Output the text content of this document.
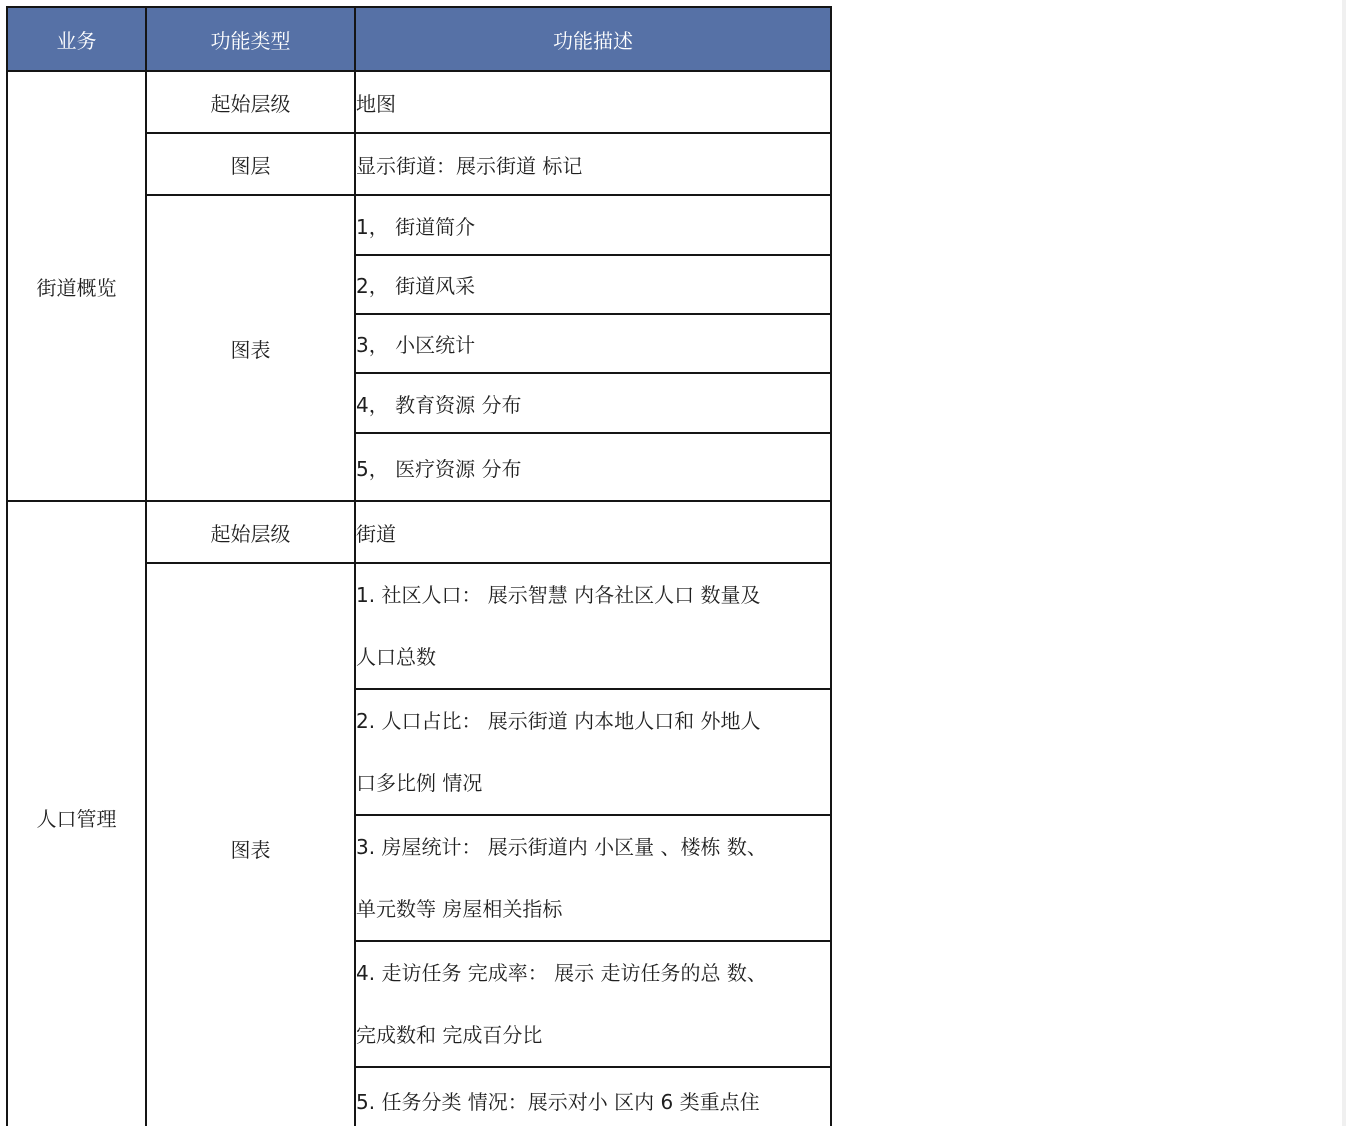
业务	功能类型	功能描述
街道概览	起始层级	地图
	图层	显示街道：展示街道 标记
	图表	1， 街道简介
		2， 街道风采
		3， 小区统计
		4， 教育资源 分布
		5， 医疗资源 分布
人口管理	起始层级	街道
	图表	1. 社区人口： 展示智慧 内各社区人口 数量及
人口总数

		2. 人口占比： 展示街道 内本地人口和 外地人
口多比例 情况

		3. 房屋统计： 展示街道内 小区量 、楼栋 数、
单元数等 房屋相关指标

		4. 走访任务 完成率： 展示 走访任务的总 数、
完成数和 完成百分比

		5. 任务分类 情况：展示对小 区内 6 类重点住
